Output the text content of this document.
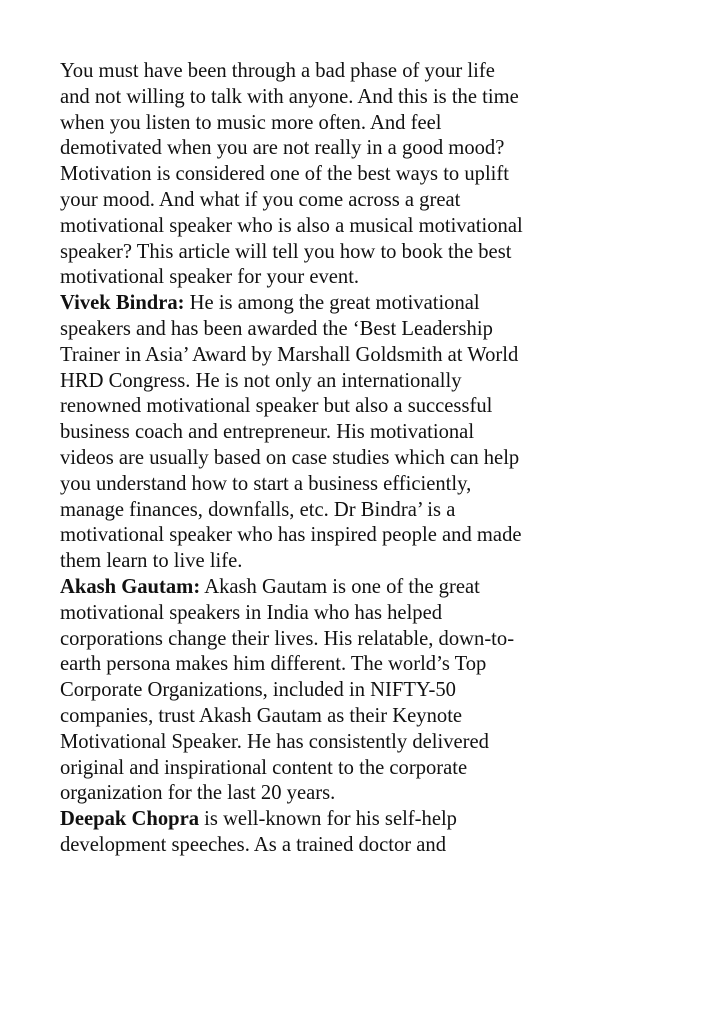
You must have been through a bad phase of your life
and not willing to talk with anyone. And this is the time
when you listen to music more often. And feel
demotivated when you are not really in a good mood?
Motivation is considered one of the best ways to uplift
your mood. And what if you come across a great
motivational speaker who is also a musical motivational
speaker? This article will tell you how to book the best
motivational speaker for your event.

Vivek Bindra: He is among the great motivational
speakers and has been awarded the ‘Best Leadership
Trainer in Asia’ Award by Marshall Goldsmith at World
HRD Congress. He is not only an internationally
renowned motivational speaker but also a successful
business coach and entrepreneur. His motivational
videos are usually based on case studies which can help
you understand how to start a business efficiently,
manage finances, downfalls, etc. Dr Bindra’ is a
motivational speaker who has inspired people and made
them learn to live life.

Akash Gautam: Akash Gautam is one of the great
motivational speakers in India who has helped
corporations change their lives. His relatable, down-to-
earth persona makes him different. The world’s Top
Corporate Organizations, included in NIFTY-50
companies, trust Akash Gautam as their Keynote
Motivational Speaker. He has consistently delivered
original and inspirational content to the corporate
organization for the last 20 years.

Deepak Chopra is well-known for his self-help
development speeches. As a trained doctor and
